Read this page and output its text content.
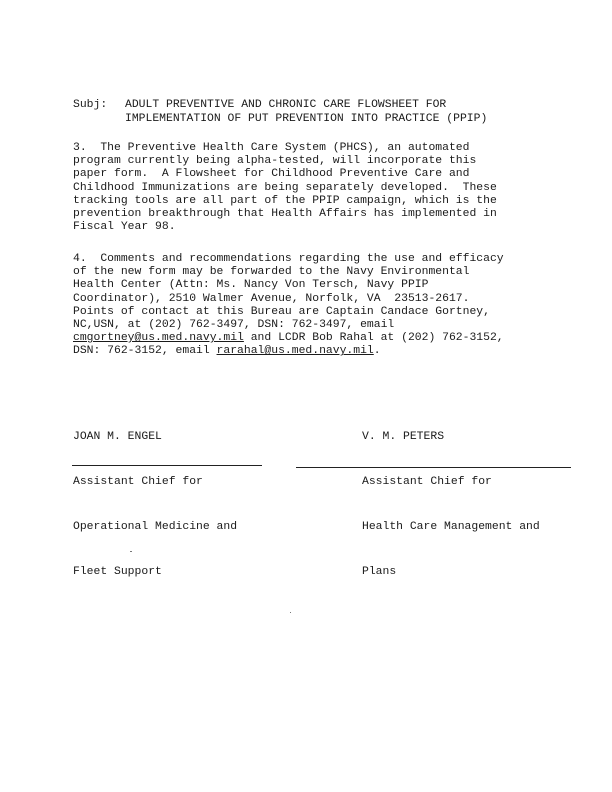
Subj: ADULT PREVENTIVE AND CHRONIC CARE FLOWSHEET FOR
IMPLEMENTATION OF PUT PREVENTION INTO PRACTICE (PPIP)
3.  The Preventive Health Care System (PHCS), an automated
program currently being alpha-tested, will incorporate this
paper form.  A Flowsheet for Childhood Preventive Care and
Childhood Immunizations are being separately developed.  These
tracking tools are all part of the PPIP campaign, which is the
prevention breakthrough that Health Affairs has implemented in
Fiscal Year 98.
4.  Comments and recommendations regarding the use and efficacy
of the new form may be forwarded to the Navy Environmental
Health Center (Attn: Ms. Nancy Von Tersch, Navy PPIP
Coordinator), 2510 Walmer Avenue, Norfolk, VA  23513-2617.
Points of contact at this Bureau are Captain Candace Gortney,
NC,USN, at (202) 762-3497, DSN: 762-3497, email
cmgortney@us.med.navy.mil and LCDR Bob Rahal at (202) 762-3152,
DSN: 762-3152, email rarahal@us.med.navy.mil.

JOAN M. ENGEL

Assistant Chief for

Operational Medicine and

Fleet Support

V. M. PETERS

Assistant Chief for

Health Care Management and

Plans
